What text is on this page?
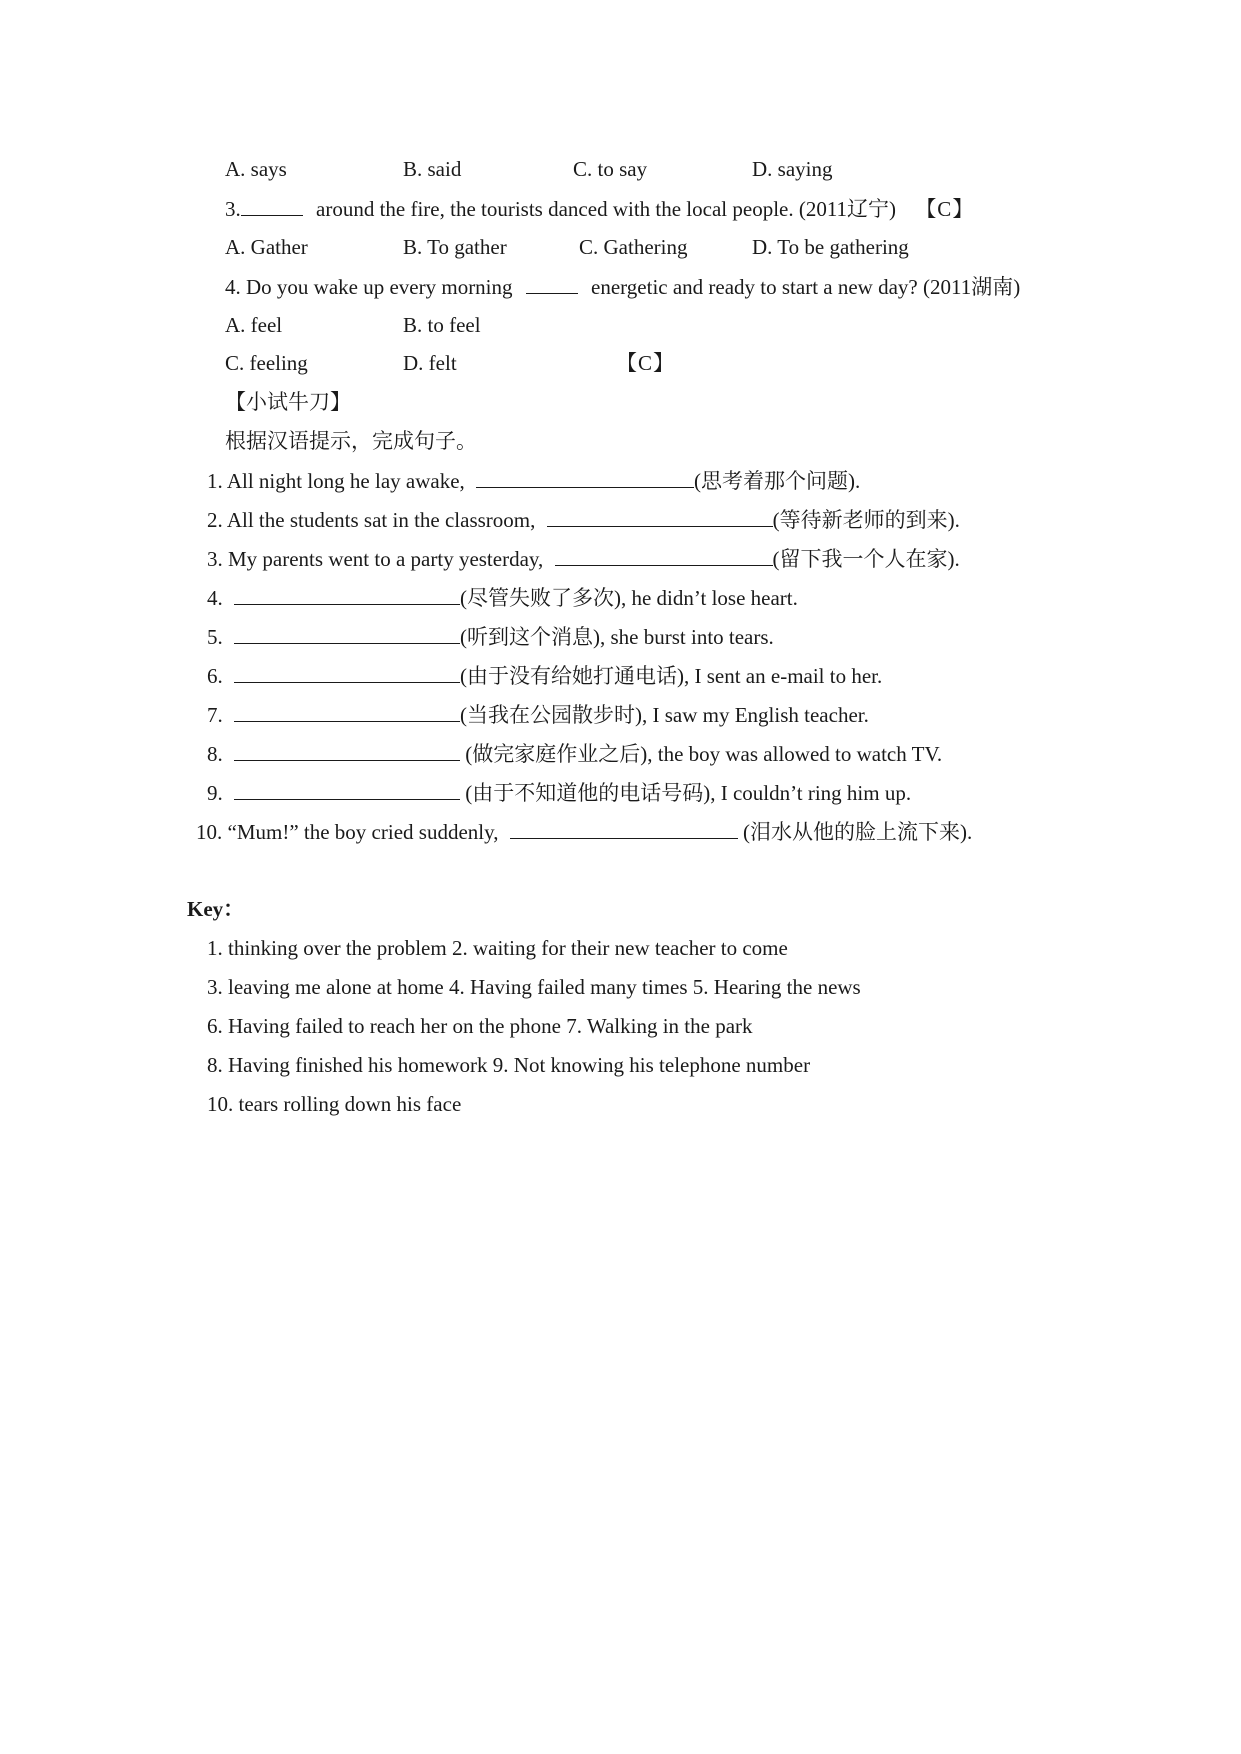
A. says	B. said	C. to say	D. saying
3.	around the fire, the tourists danced with the local people. (2011辽宁) 【C】
A. Gather	B. To gather	C. Gathering	D. To be gathering
4. Do you wake up every morning	energetic and ready to start a new day? (2011湖南)
A. feel	B. to feel
C. feeling	D. felt	【C】
【小试牛刀】
根据汉语提示，完成句子。
1. All night long he lay awake,	(思考着那个问题).
2. All the students sat in the classroom,	(等待新老师的到来).
3. My parents went to a party yesterday,	(留下我一个人在家).
4.	(尽管失败了多次), he didn’t lose heart.
5.	(听到这个消息), she burst into tears.
6.	(由于没有给她打通电话), I sent an e-mail to her.
7.	(当我在公园散步时), I saw my English teacher.
8.	(做完家庭作业之后), the boy was allowed to watch TV.
9.	(由于不知道他的电话号码), I couldn’t ring him up.
10. “Mum!” the boy cried suddenly,	(泪水从他的脸上流下来).
Key：
1. thinking over the problem 2. waiting for their new teacher to come
3. leaving me alone at home 4. Having failed many times 5. Hearing the news
6. Having failed to reach her on the phone 7. Walking in the park
8. Having finished his homework 9. Not knowing his telephone number
10. tears rolling down his face
